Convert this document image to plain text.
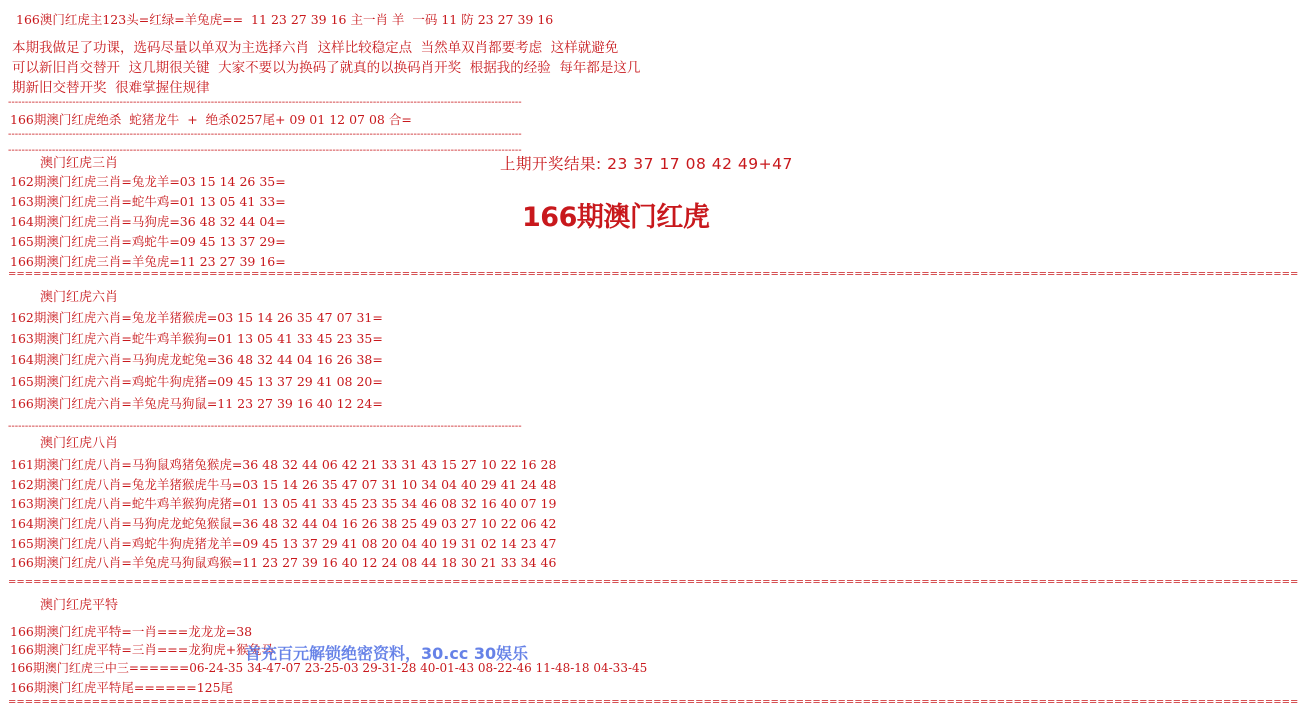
166澳门红虎主123头=红绿=羊兔虎==  11 23 27 39 16 主一肖 羊  一码 11 防 23 27 39 16
本期我做足了功课，选码尽量以单双为主选择六肖  这样比较稳定点  当然单双肖都要考虑  这样就避免
可以新旧肖交替开  这几期很关键  大家不要以为换码了就真的以换码肖开奖  根据我的经验  每年都是这几
期新旧交替开奖  很难掌握住规律
--------------------------------------------------------------------------------------------------------------------------------------------------------
166期澳门红虎绝杀  蛇猪龙牛  +  绝杀0257尾+ 09 01 12 07 08 合=
--------------------------------------------------------------------------------------------------------------------------------------------------------
--------------------------------------------------------------------------------------------------------------------------------------------------------
上期开奖结果: 23 37 17 08 42 49+47
166期澳门红虎
澳门红虎三肖
162期澳门红虎三肖=兔龙羊=03 15 14 26 35=
163期澳门红虎三肖=蛇牛鸡=01 13 05 41 33=
164期澳门红虎三肖=马狗虎=36 48 32 44 04=
165期澳门红虎三肖=鸡蛇牛=09 45 13 37 29=
166期澳门红虎三肖=羊兔虎=11 23 27 39 16=
==========================================================================================================================================================
澳门红虎六肖
162期澳门红虎六肖=兔龙羊猪猴虎=03 15 14 26 35 47 07 31=
163期澳门红虎六肖=蛇牛鸡羊猴狗=01 13 05 41 33 45 23 35=
164期澳门红虎六肖=马狗虎龙蛇兔=36 48 32 44 04 16 26 38=
165期澳门红虎六肖=鸡蛇牛狗虎猪=09 45 13 37 29 41 08 20=
166期澳门红虎六肖=羊兔虎马狗鼠=11 23 27 39 16 40 12 24=
--------------------------------------------------------------------------------------------------------------------------------------------------------
澳门红虎八肖
161期澳门红虎八肖=马狗鼠鸡猪兔猴虎=36 48 32 44 06 42 21 33 31 43 15 27 10 22 16 28
162期澳门红虎八肖=兔龙羊猪猴虎牛马=03 15 14 26 35 47 07 31 10 34 04 40 29 41 24 48
163期澳门红虎八肖=蛇牛鸡羊猴狗虎猪=01 13 05 41 33 45 23 35 34 46 08 32 16 40 07 19
164期澳门红虎八肖=马狗虎龙蛇兔猴鼠=36 48 32 44 04 16 26 38 25 49 03 27 10 22 06 42
165期澳门红虎八肖=鸡蛇牛狗虎猪龙羊=09 45 13 37 29 41 08 20 04 40 19 31 02 14 23 47
166期澳门红虎八肖=羊兔虎马狗鼠鸡猴=11 23 27 39 16 40 12 24 08 44 18 30 21 33 34 46
==========================================================================================================================================================
澳门红虎平特
166期澳门红虎平特=一肖===龙龙龙=38
166期澳门红虎平特=三肖===龙狗虎+猴兔马
166期澳门红虎三中三======06-24-35 34-47-07 23-25-03 29-31-28 40-01-43 08-22-46 11-48-18 04-33-45
166期澳门红虎平特尾======125尾
==========================================================================================================================================================
首充百元解锁绝密资料，30.cc 30娱乐
